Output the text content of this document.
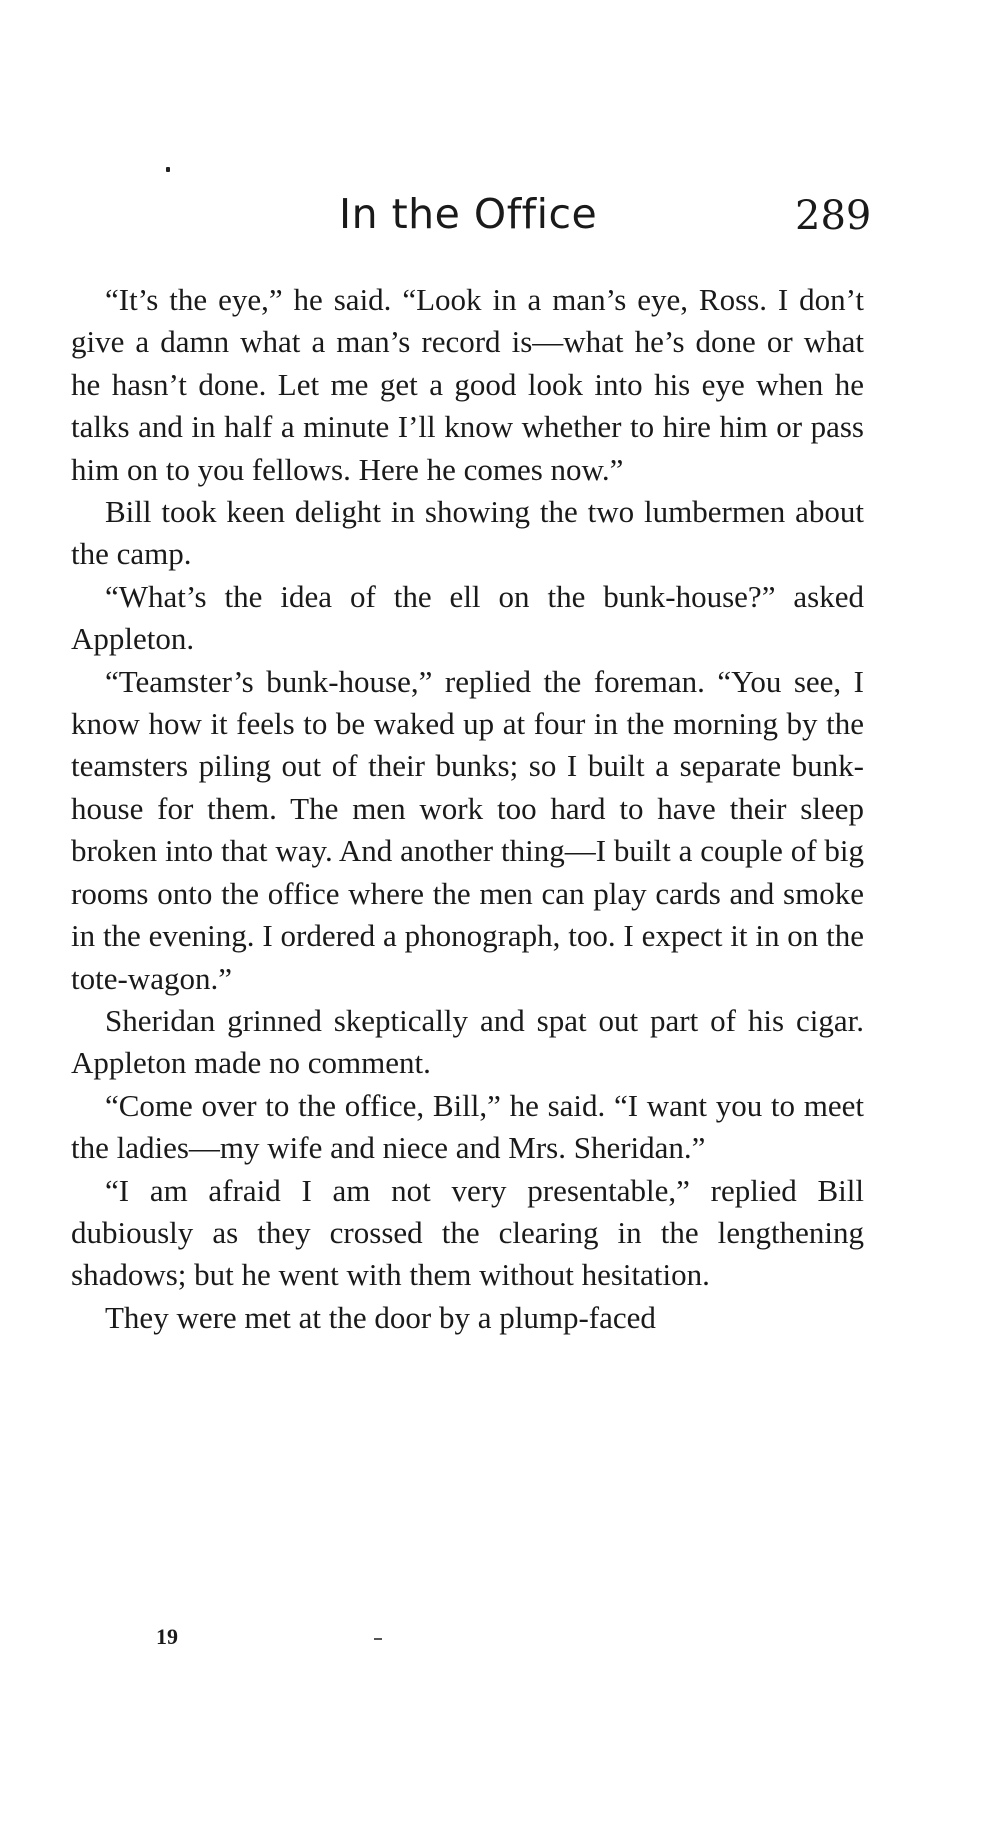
In the Office	289

“It’s the eye,” he said. “Look in a man’s eye, Ross. I don’t give a damn what a man’s record is—what he’s done or what he hasn’t done. Let me get a good look into his eye when he talks and in half a minute I’ll know whether to hire him or pass him on to you fellows. Here he comes now.”

Bill took keen delight in showing the two lumbermen about the camp.

“What’s the idea of the ell on the bunk-house?” asked Appleton.

“Teamster’s bunk-house,” replied the foreman. “You see, I know how it feels to be waked up at four in the morning by the teamsters piling out of their bunks; so I built a separate bunk-house for them. The men work too hard to have their sleep broken into that way. And another thing—I built a couple of big rooms onto the office where the men can play cards and smoke in the evening. I ordered a phonograph, too. I expect it in on the tote-wagon.”

Sheridan grinned skeptically and spat out part of his cigar. Appleton made no comment.

“Come over to the office, Bill,” he said. “I want you to meet the ladies—my wife and niece and Mrs. Sheridan.”

“I am afraid I am not very presentable,” replied Bill dubiously as they crossed the clearing in the lengthening shadows; but he went with them without hesitation.

They were met at the door by a plump-faced

19
